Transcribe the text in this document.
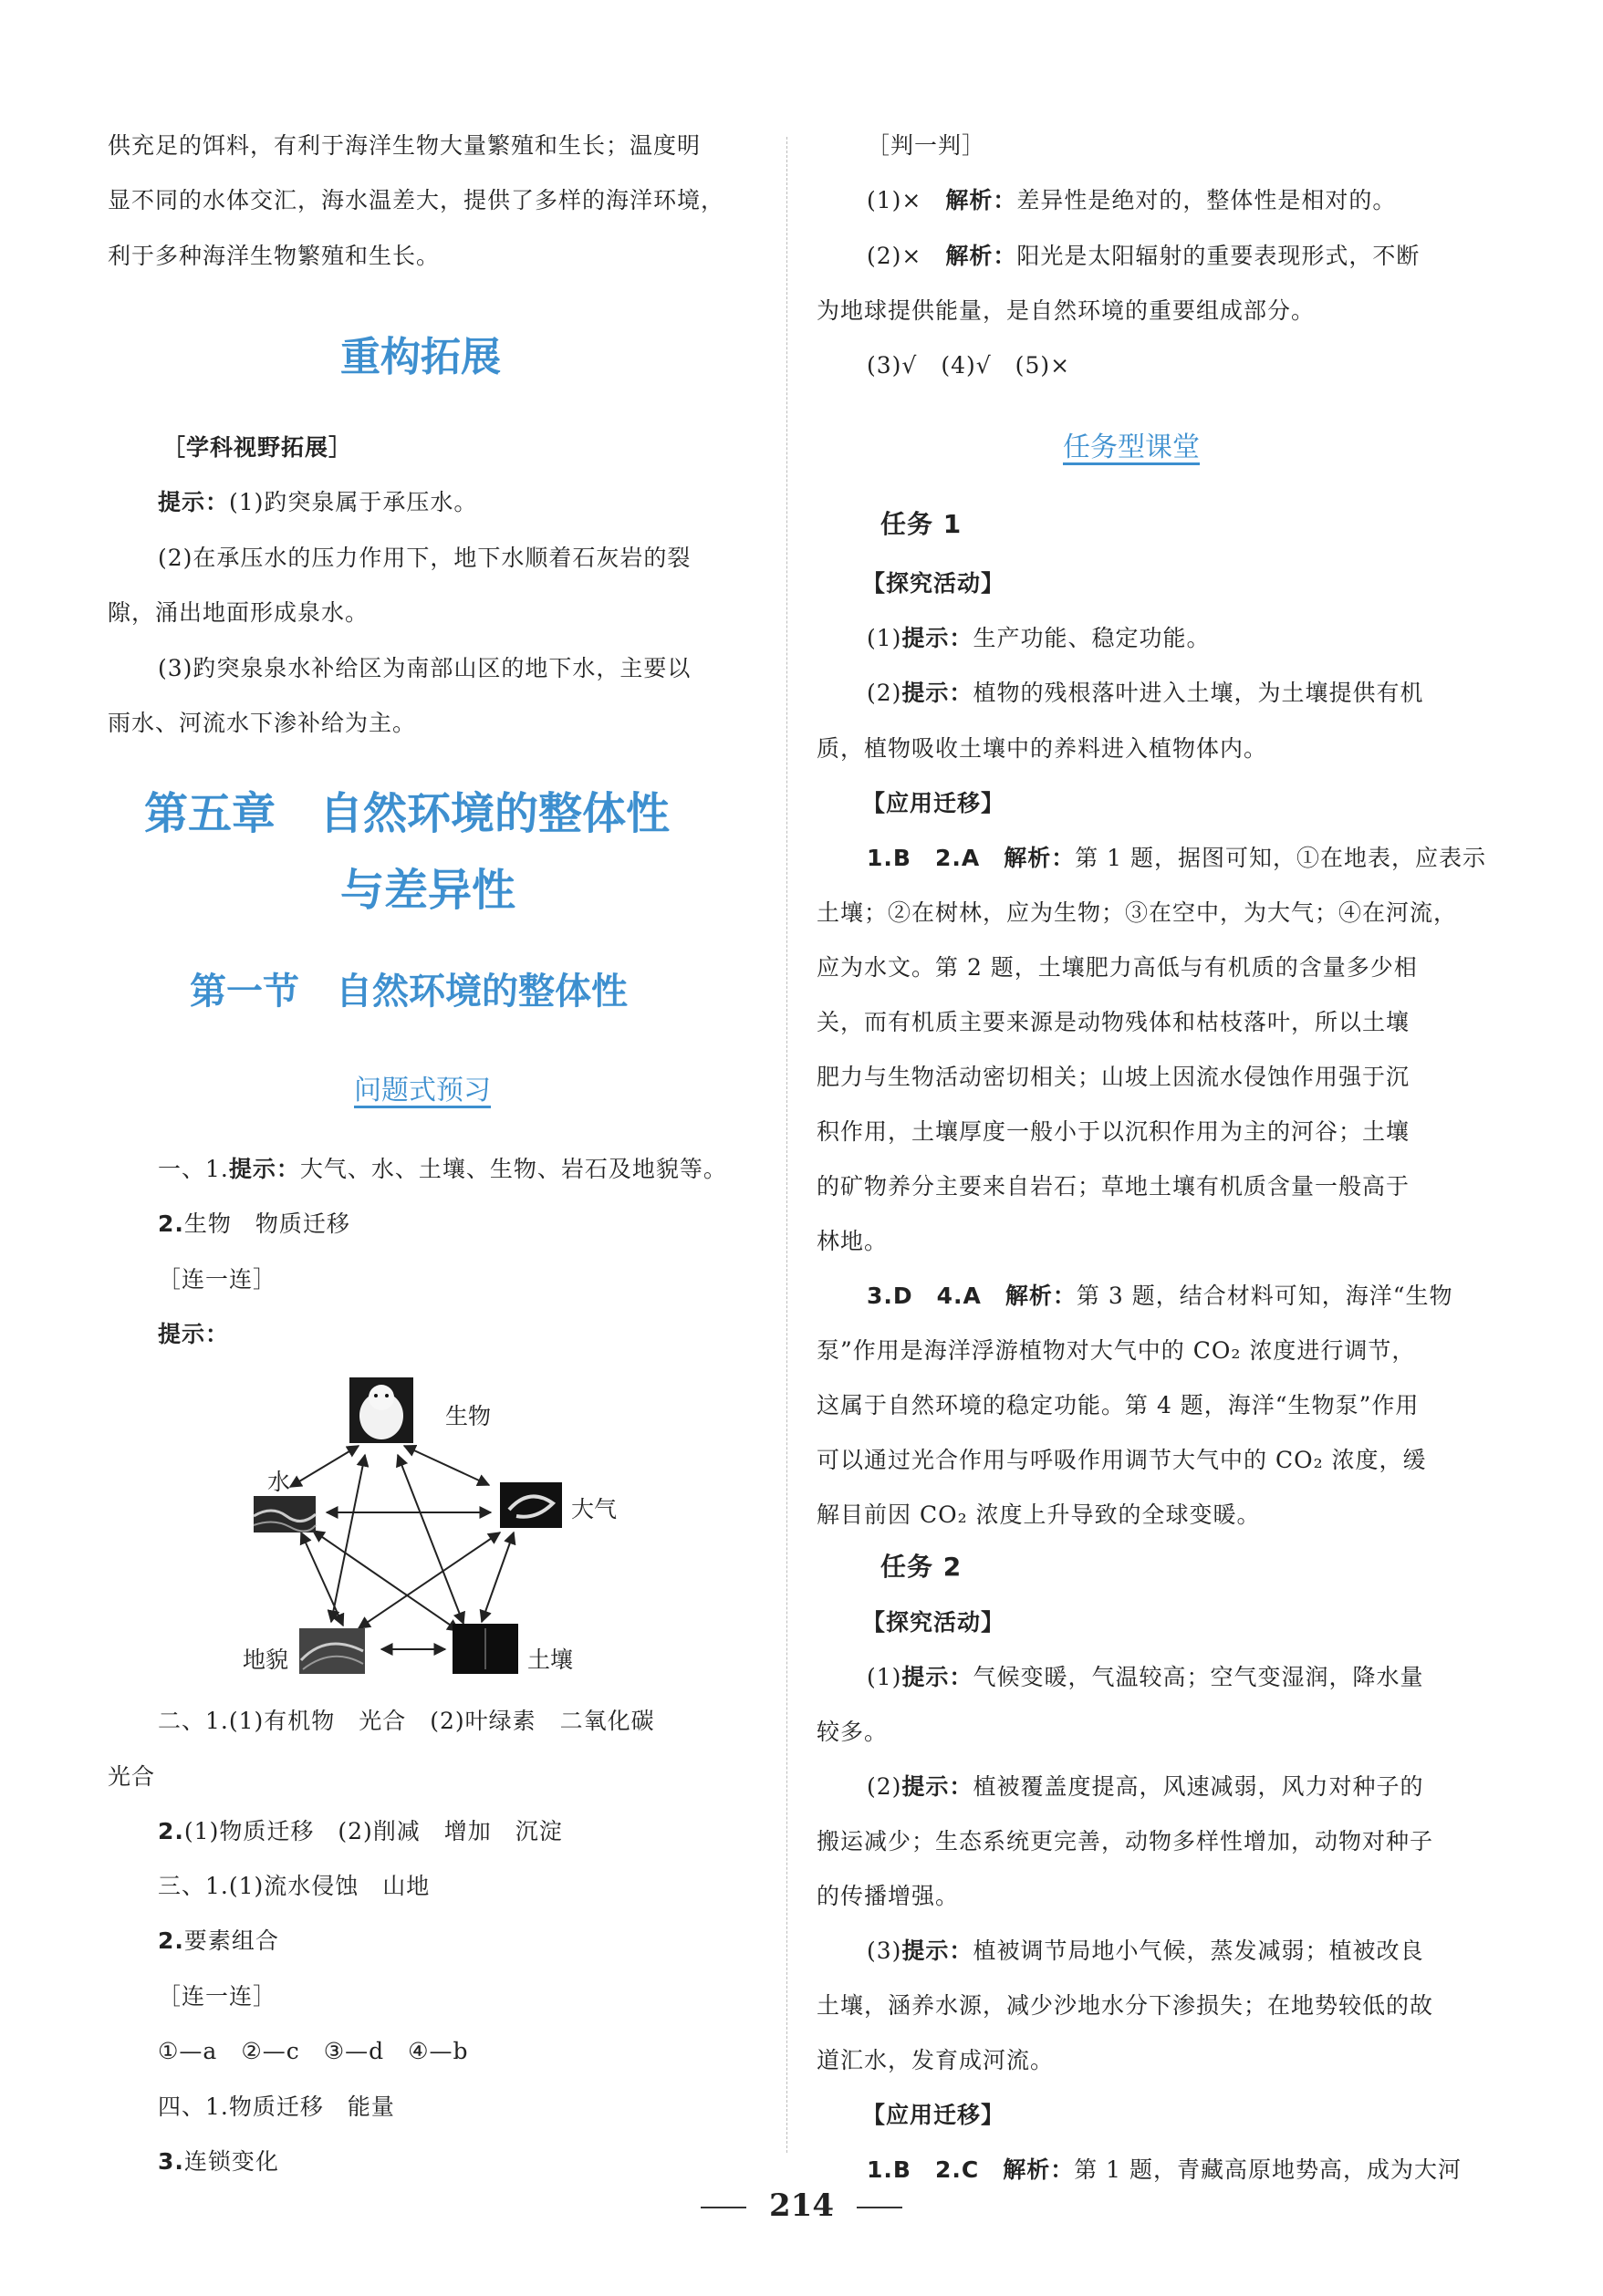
供充足的饵料，有利于海洋生物大量繁殖和生长；温度明
显不同的水体交汇，海水温差大，提供了多样的海洋环境，
利于多种海洋生物繁殖和生长。
重构拓展
［学科视野拓展］
提示：(1)趵突泉属于承压水。
(2)在承压水的压力作用下，地下水顺着石灰岩的裂
隙，涌出地面形成泉水。
(3)趵突泉泉水补给区为南部山区的地下水，主要以
雨水、河流水下渗补给为主。
第五章　自然环境的整体性
与差异性
第一节　自然环境的整体性
问题式预习
一、1.提示：大气、水、土壤、生物、岩石及地貌等。
2.生物　物质迁移
［连一连］
提示：
生物
水
大气
地貌	土壤
二、1.(1)有机物　光合　(2)叶绿素　二氧化碳
光合
2.(1)物质迁移　(2)削减　增加　沉淀
三、1.(1)流水侵蚀　山地
2.要素组合
［连一连］
①—a　②—c　③—d　④—b
四、1.物质迁移　能量
3.连锁变化
［判一判］
(1)×　解析：差异性是绝对的，整体性是相对的。
(2)×　解析：阳光是太阳辐射的重要表现形式，不断
为地球提供能量，是自然环境的重要组成部分。
(3)√　(4)√　(5)×
任务型课堂
任务 1
【探究活动】
(1)提示：生产功能、稳定功能。
(2)提示：植物的残根落叶进入土壤，为土壤提供有机
质，植物吸收土壤中的养料进入植物体内。
【应用迁移】
1.B　2.A　解析：第 1 题，据图可知，①在地表，应表示
土壤；②在树林，应为生物；③在空中，为大气；④在河流，
应为水文。第 2 题，土壤肥力高低与有机质的含量多少相
关，而有机质主要来源是动物残体和枯枝落叶，所以土壤
肥力与生物活动密切相关；山坡上因流水侵蚀作用强于沉
积作用，土壤厚度一般小于以沉积作用为主的河谷；土壤
的矿物养分主要来自岩石；草地土壤有机质含量一般高于
林地。
3.D　4.A　解析：第 3 题，结合材料可知，海洋“生物
泵”作用是海洋浮游植物对大气中的 CO₂ 浓度进行调节，
这属于自然环境的稳定功能。第 4 题，海洋“生物泵”作用
可以通过光合作用与呼吸作用调节大气中的 CO₂ 浓度，缓
解目前因 CO₂ 浓度上升导致的全球变暖。
任务 2
【探究活动】
(1)提示：气候变暖，气温较高；空气变湿润，降水量
较多。
(2)提示：植被覆盖度提高，风速减弱，风力对种子的
搬运减少；生态系统更完善，动物多样性增加，动物对种子
的传播增强。
(3)提示：植被调节局地小气候，蒸发减弱；植被改良
土壤，涵养水源，减少沙地水分下渗损失；在地势较低的故
道汇水，发育成河流。
【应用迁移】
1.B　2.C　解析：第 1 题，青藏高原地势高，成为大河
214
